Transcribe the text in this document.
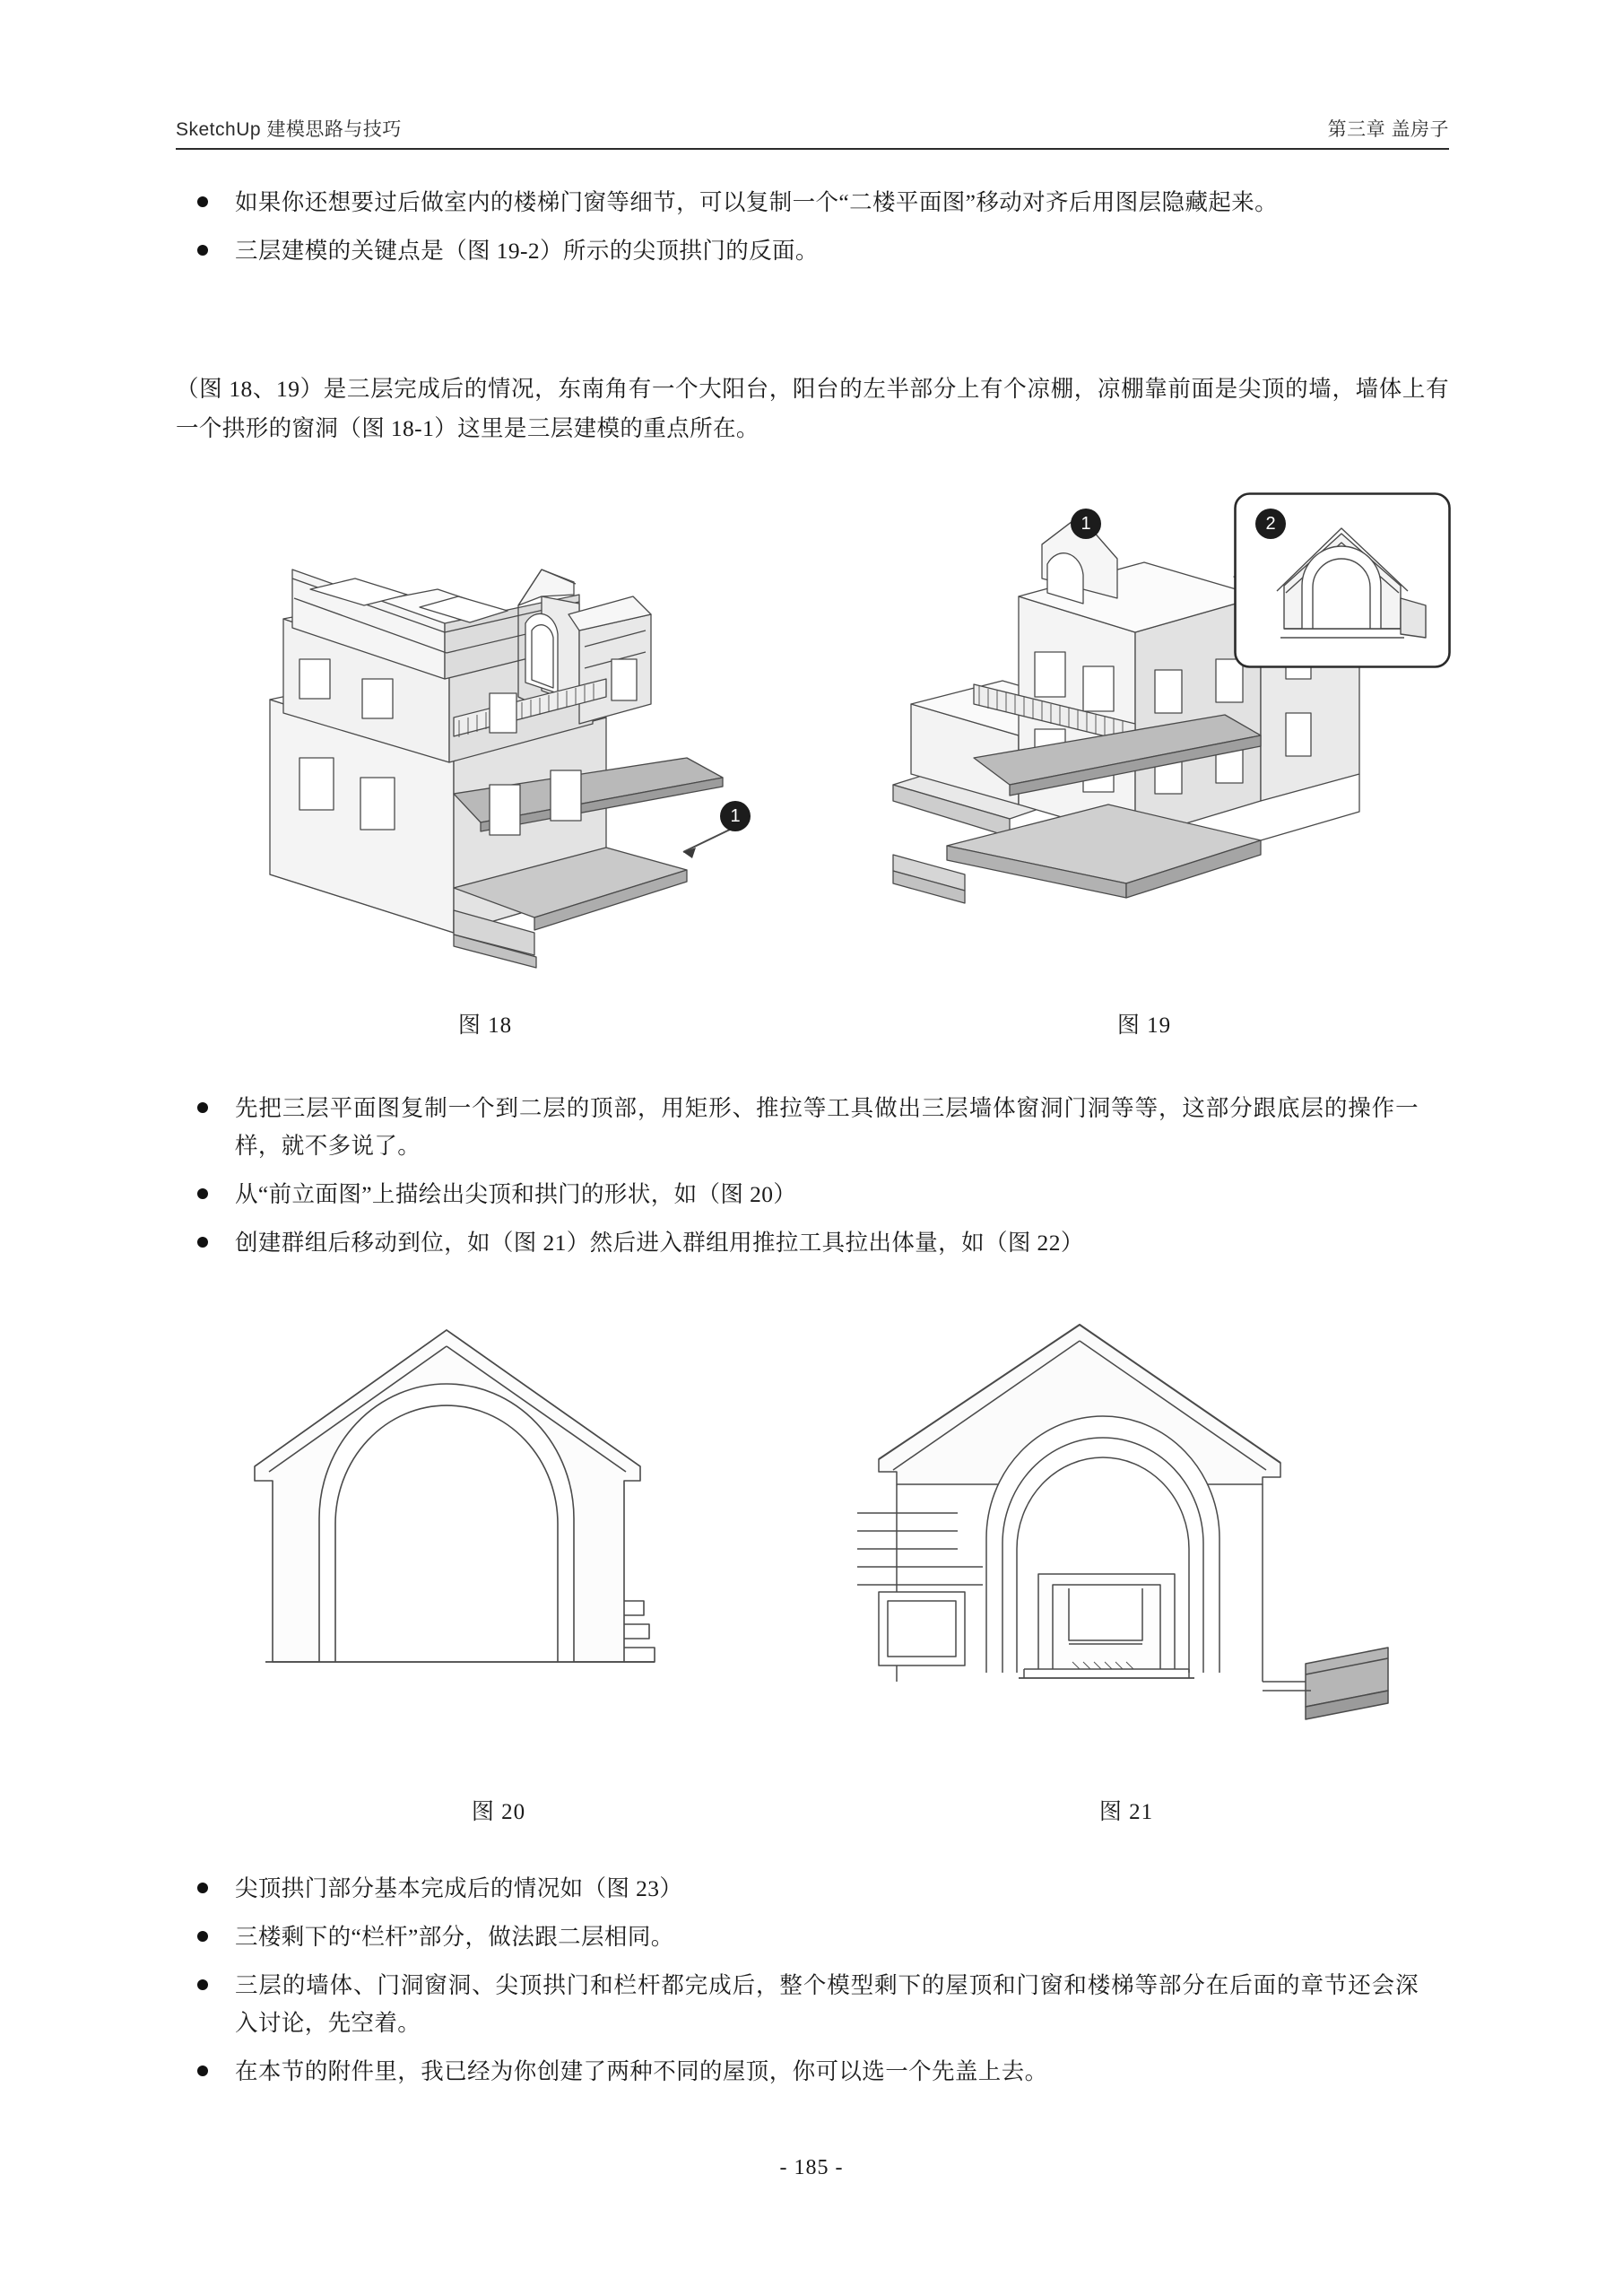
SketchUp 建模思路与技巧	第三章 盖房子
如果你还想要过后做室内的楼梯门窗等细节，可以复制一个“二楼平面图”移动对齐后用图层隐藏起来。
三层建模的关键点是（图 19-2）所示的尖顶拱门的反面。
（图 18、19）是三层完成后的情况，东南角有一个大阳台，阳台的左半部分上有个凉棚，凉棚靠前面是尖顶的墙，墙体上有一个拱形的窗洞（图 18-1）这里是三层建模的重点所在。
1
图 18
1	2
图 19
先把三层平面图复制一个到二层的顶部，用矩形、推拉等工具做出三层墙体窗洞门洞等等，这部分跟底层的操作一样，就不多说了。
从“前立面图”上描绘出尖顶和拱门的形状，如（图 20）
创建群组后移动到位，如（图 21）然后进入群组用推拉工具拉出体量，如（图 22）
图 20	图 21
尖顶拱门部分基本完成后的情况如（图 23）
三楼剩下的“栏杆”部分，做法跟二层相同。
三层的墙体、门洞窗洞、尖顶拱门和栏杆都完成后，整个模型剩下的屋顶和门窗和楼梯等部分在后面的章节还会深入讨论，先空着。
在本节的附件里，我已经为你创建了两种不同的屋顶，你可以选一个先盖上去。
- 185 -
